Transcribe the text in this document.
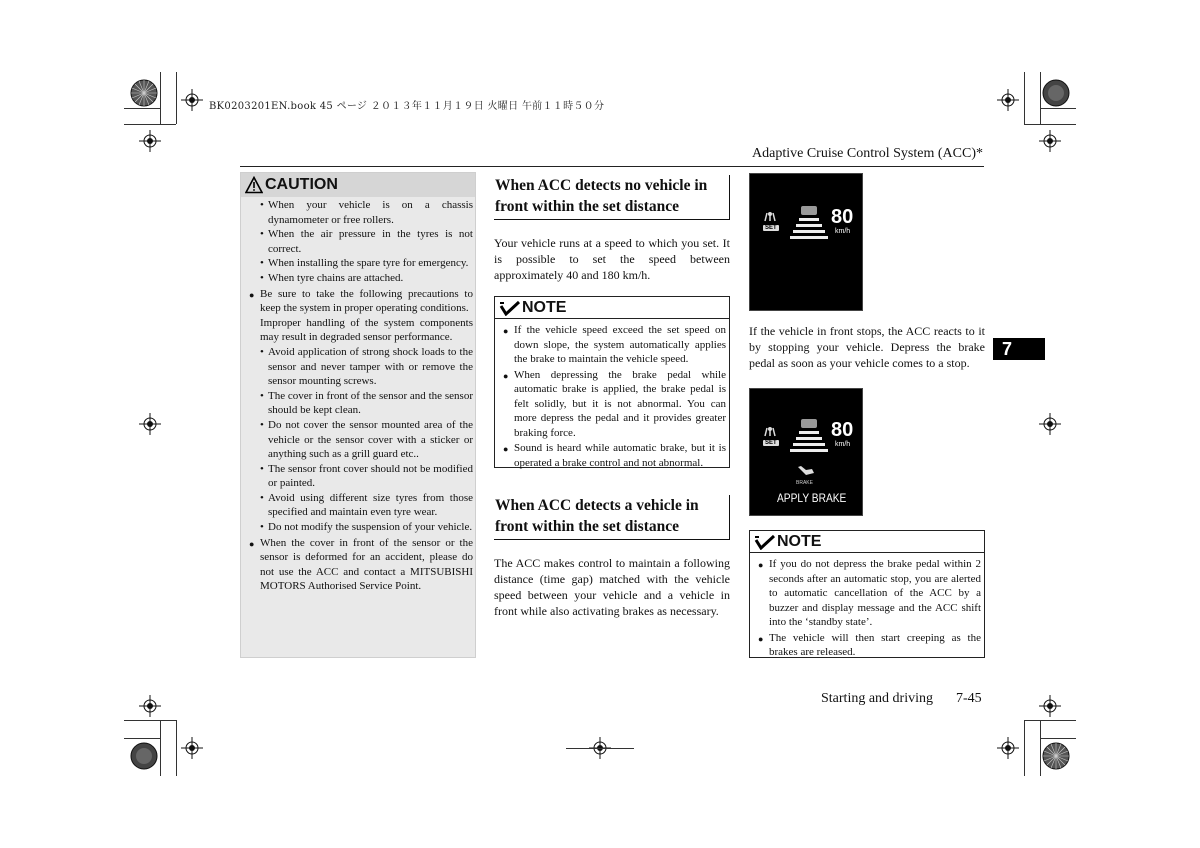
BK0203201EN.book 45 ページ ２０１３年１１月１９日 火曜日 午前１１時５０分
Adaptive Cruise Control System (ACC)*
7
CAUTION
• When your vehicle is on a chassis dynamometer or free rollers.
• When the air pressure in the tyres is not correct.
• When installing the spare tyre for emergency.
• When tyre chains are attached.
● Be sure to take the following precautions to keep the system in proper operating conditions.
Improper handling of the system components may result in degraded sensor performance.
• Avoid application of strong shock loads to the sensor and never tamper with or remove the sensor mounting screws.
• The cover in front of the sensor and the sensor should be kept clean.
• Do not cover the sensor mounted area of the vehicle or the sensor cover with a sticker or anything such as a grill guard etc..
• The sensor front cover should not be modified or painted.
• Avoid using different size tyres from those specified and maintain even tyre wear.
• Do not modify the suspension of your vehicle.
● When the cover in front of the sensor or the sensor is deformed for an accident, please do not use the ACC and contact a MITSUBISHI MOTORS Authorised Service Point.
When ACC detects no vehicle in front within the set distance
Your vehicle runs at a speed to which you set. It is possible to set the speed between approximately 40 and 180 km/h.
NOTE
● If the vehicle speed exceed the set speed on down slope, the system automatically applies the brake to maintain the vehicle speed.
● When depressing the brake pedal while automatic brake is applied, the brake pedal is felt solidly, but it is not abnormal. You can more depress the pedal and it provides greater braking force.
● Sound is heard while automatic brake, but it is operated a brake control and not abnormal.
When ACC detects a vehicle in front within the set distance
The ACC makes control to maintain a following distance (time gap) matched with the vehicle speed between your vehicle and a vehicle in front while also activating brakes as necessary.
SET	80
km/h
If the vehicle in front stops, the ACC reacts to it by stopping your vehicle. Depress the brake pedal as soon as your vehicle comes to a stop.
SET
80
km/h
BRAKE
APPLY BRAKE
NOTE
● If you do not depress the brake pedal within 2 seconds after an automatic stop, you are alerted to automatic cancellation of the ACC by a buzzer and display message and the ACC shift into the ‘standby state’.
● The vehicle will then start creeping as the brakes are released.
Starting and driving 7-45
